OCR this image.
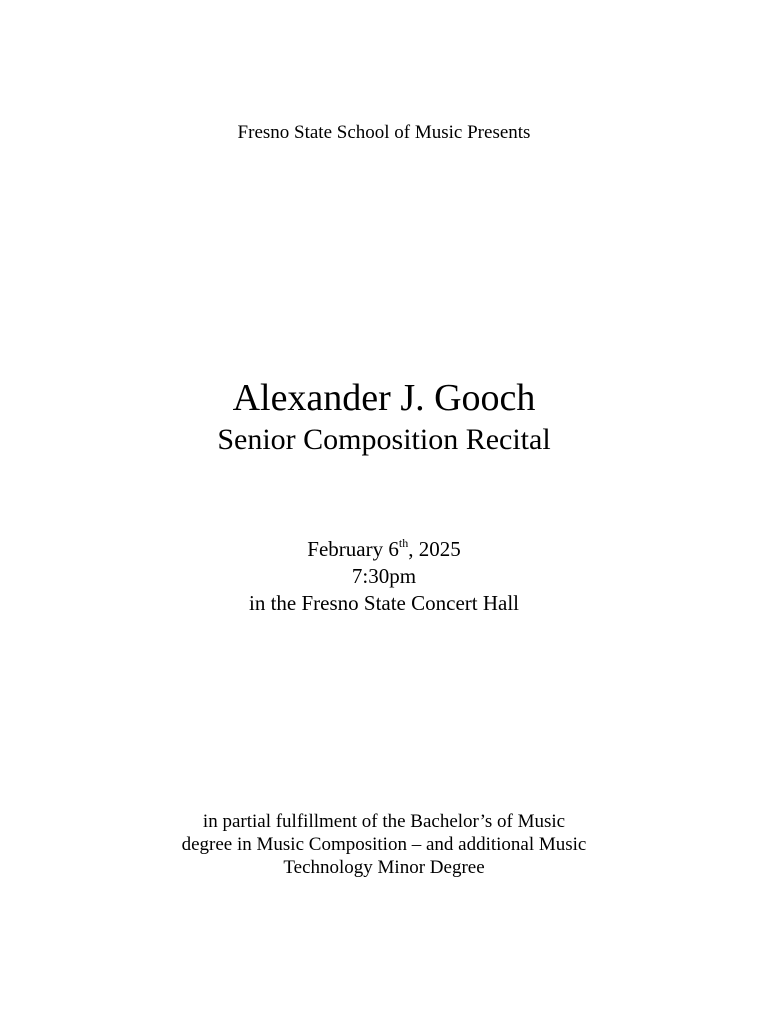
Fresno State School of Music Presents
Alexander J. Gooch
Senior Composition Recital
February 6th, 2025
7:30pm
in the Fresno State Concert Hall
in partial fulfillment of the Bachelor’s of Music
degree in Music Composition – and additional Music
Technology Minor Degree
